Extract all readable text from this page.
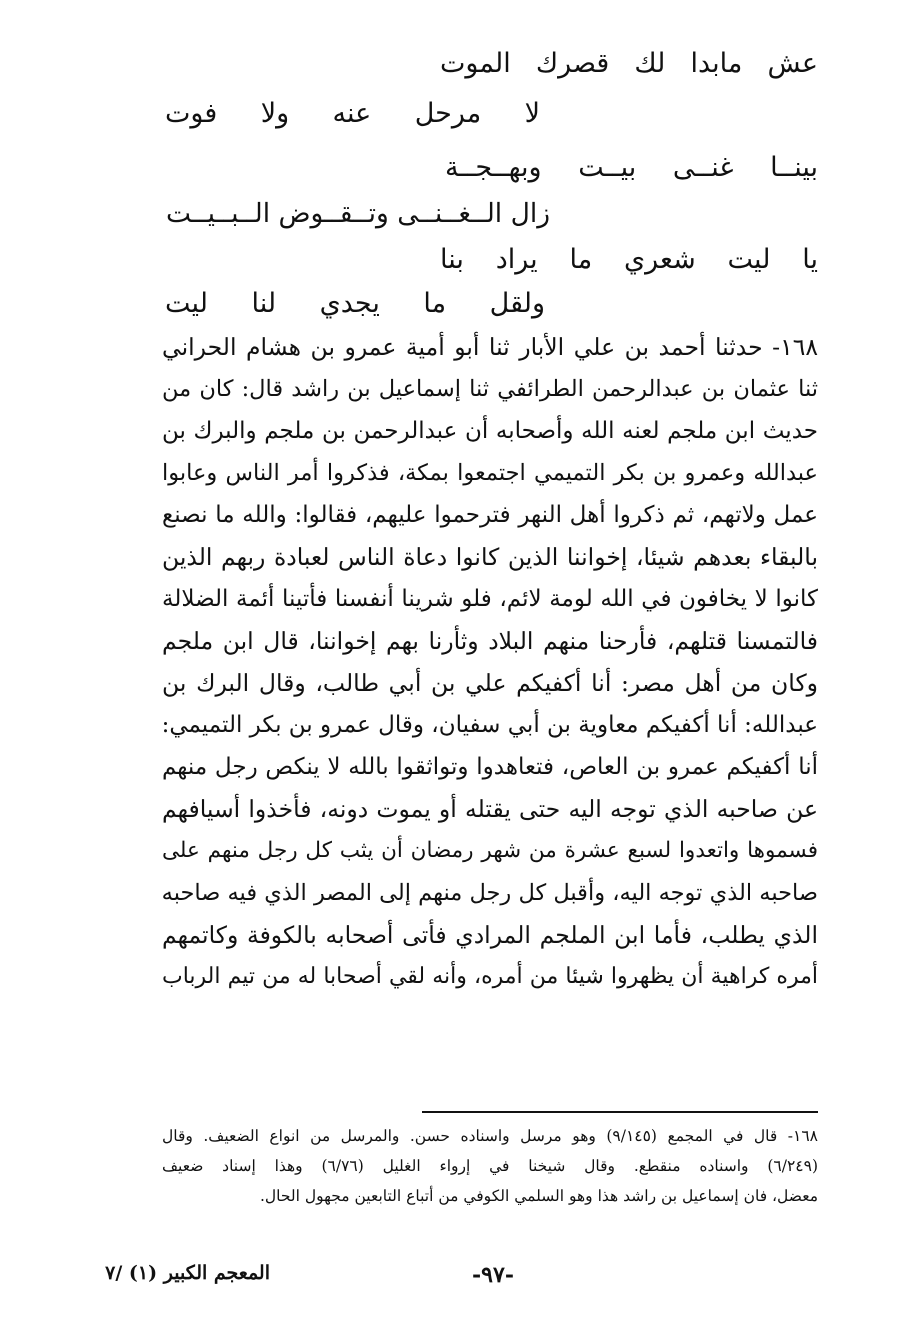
عش
مابدا
لك
قصرك
الموت
لا
مرحل
عنه
ولا
فوت
بينــا
غنــى
بيــت
وبهــجــة
زال الــغــنــى وتــقــوض الــبــيــت
يا
ليت
شعري
ما
يراد
بنا
ولقل
ما
يجدي
لنا
ليت
١٦٨- حدثنا أحمد بن علي الأبار ثنا أبو أمية عمرو بن هشام الحراني
ثنا عثمان بن عبدالرحمن الطرائفي ثنا إسماعيل بن راشد قال: كان من
حديث ابن ملجم لعنه الله وأصحابه أن عبدالرحمن بن ملجم والبرك بن
عبدالله وعمرو بن بكر التميمي اجتمعوا بمكة، فذكروا أمر الناس وعابوا
عمل ولاتهم، ثم ذكروا أهل النهر فترحموا عليهم، فقالوا: والله ما نصنع
بالبقاء بعدهم شيئا، إخواننا الذين كانوا دعاة الناس لعبادة ربهم الذين
كانوا لا يخافون في الله لومة لائم، فلو شرينا أنفسنا فأتينا أئمة الضلالة
فالتمسنا قتلهم، فأرحنا منهم البلاد وثأرنا بهم إخواننا، قال ابن ملجم
وكان من أهل مصر: أنا أكفيكم علي بن أبي طالب، وقال البرك بن
عبدالله: أنا أكفيكم معاوية بن أبي سفيان، وقال عمرو بن بكر التميمي:
أنا أكفيكم عمرو بن العاص، فتعاهدوا وتواثقوا بالله لا ينكص رجل منهم
عن صاحبه الذي توجه اليه حتى يقتله أو يموت دونه، فأخذوا أسيافهم
فسموها واتعدوا لسبع عشرة من شهر رمضان أن يثب كل رجل منهم على
صاحبه الذي توجه اليه، وأقبل كل رجل منهم إلى المصر الذي فيه صاحبه
الذي يطلب، فأما ابن الملجم المرادي فأتى أصحابه بالكوفة وكاتمهم
أمره كراهية أن يظهروا شيئا من أمره، وأنه لقي أصحابا له من تيم الرباب
١٦٨- قال في المجمع (٩/١٤٥) وهو مرسل واسناده حسن. والمرسل من انواع الضعيف. وقال
(٦/٢٤٩) واسناده منقطع. وقال شيخنا في إرواء الغليل (٦/٧٦) وهذا إسناد ضعيف
معضل، فان إسماعيل بن راشد هذا وهو السلمي الكوفي من أتباع التابعين مجهول الحال.
-٩٧-
المعجم الكبير (١) /٧
